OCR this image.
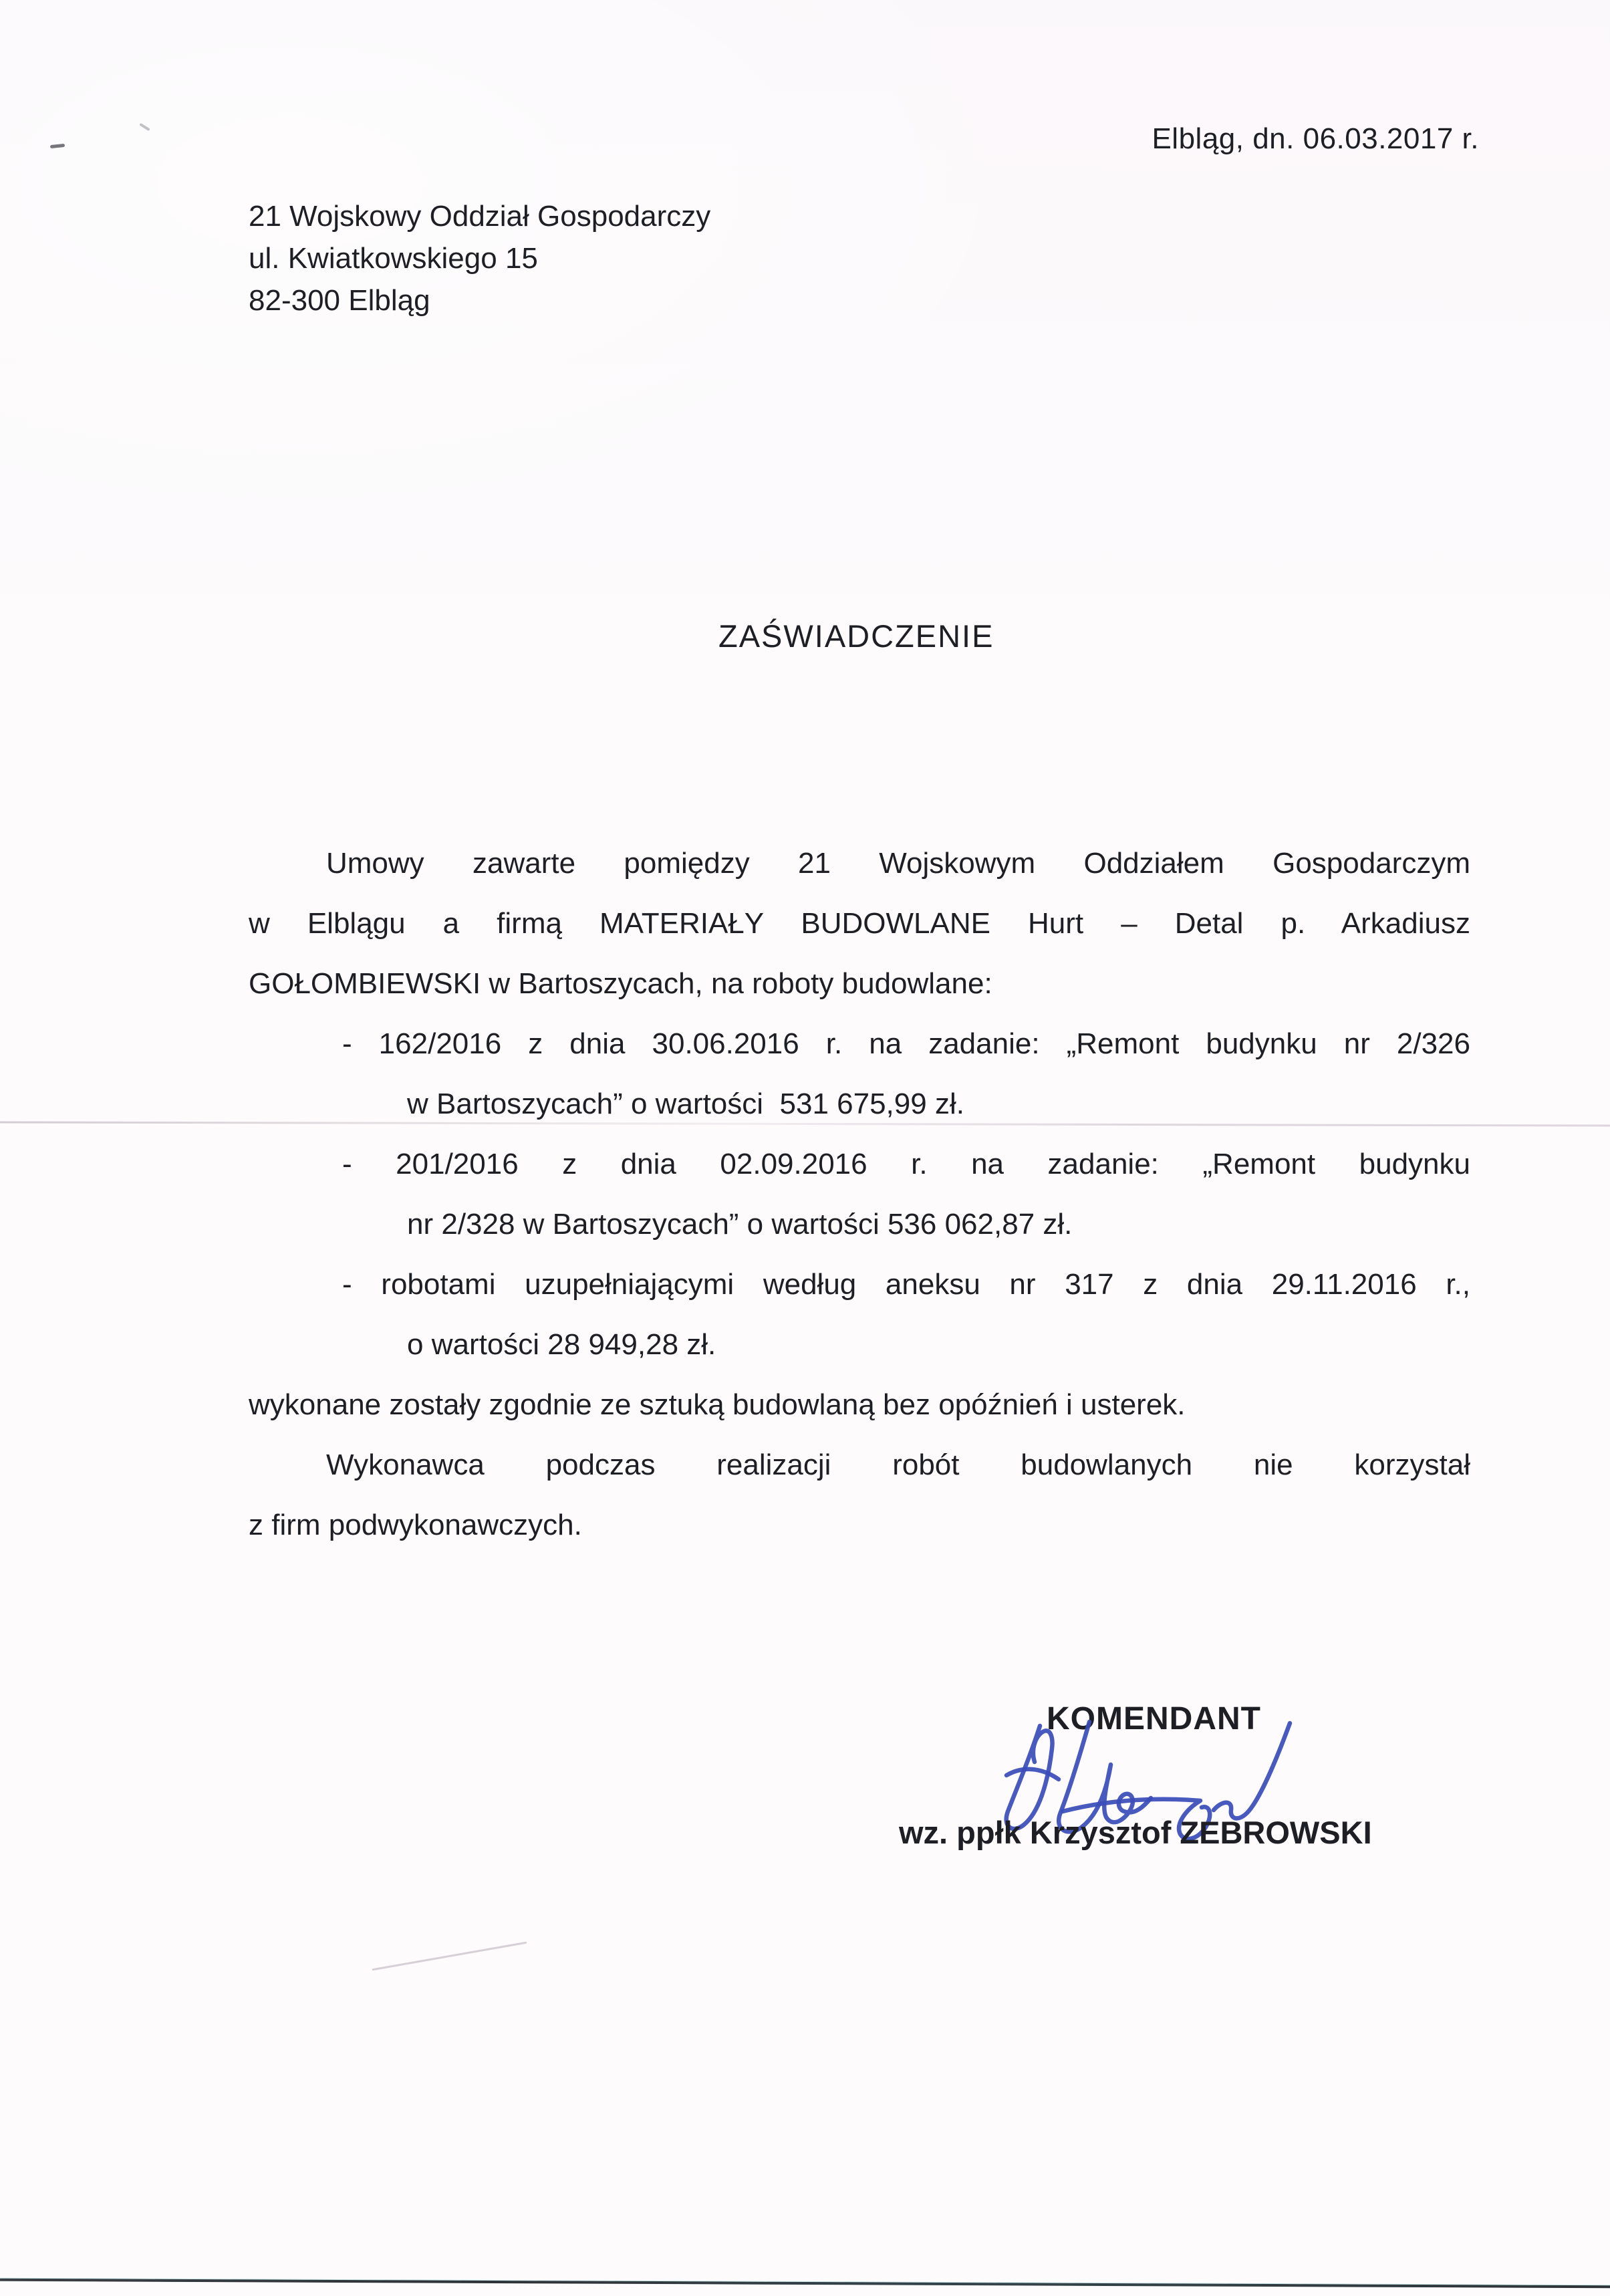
Elbląg, dn. 06.03.2017 r.
21 Wojskowy Oddział Gospodarczy
ul. Kwiatkowskiego 15
82-300 Elbląg
ZAŚWIADCZENIE
Umowy zawarte pomiędzy 21 Wojskowym Oddziałem Gospodarczym
w Elblągu a firmą MATERIAŁY BUDOWLANE Hurt – Detal p. Arkadiusz
GOŁOMBIEWSKI w Bartoszycach, na roboty budowlane:
- 162/2016 z dnia 30.06.2016 r. na zadanie: „Remont budynku nr 2/326
w Bartoszycach” o wartości  531 675,99 zł.
- 201/2016 z dnia 02.09.2016 r. na zadanie: „Remont budynku
nr 2/328 w Bartoszycach” o wartości 536 062,87 zł.
- robotami uzupełniającymi według aneksu nr 317 z dnia 29.11.2016 r.,
o wartości 28 949,28 zł.
wykonane zostały zgodnie ze sztuką budowlaną bez opóźnień i usterek.
Wykonawca podczas realizacji robót budowlanych nie korzystał
z firm podwykonawczych.
KOMENDANT
wz. ppłk Krzysztof ZEBROWSKI
